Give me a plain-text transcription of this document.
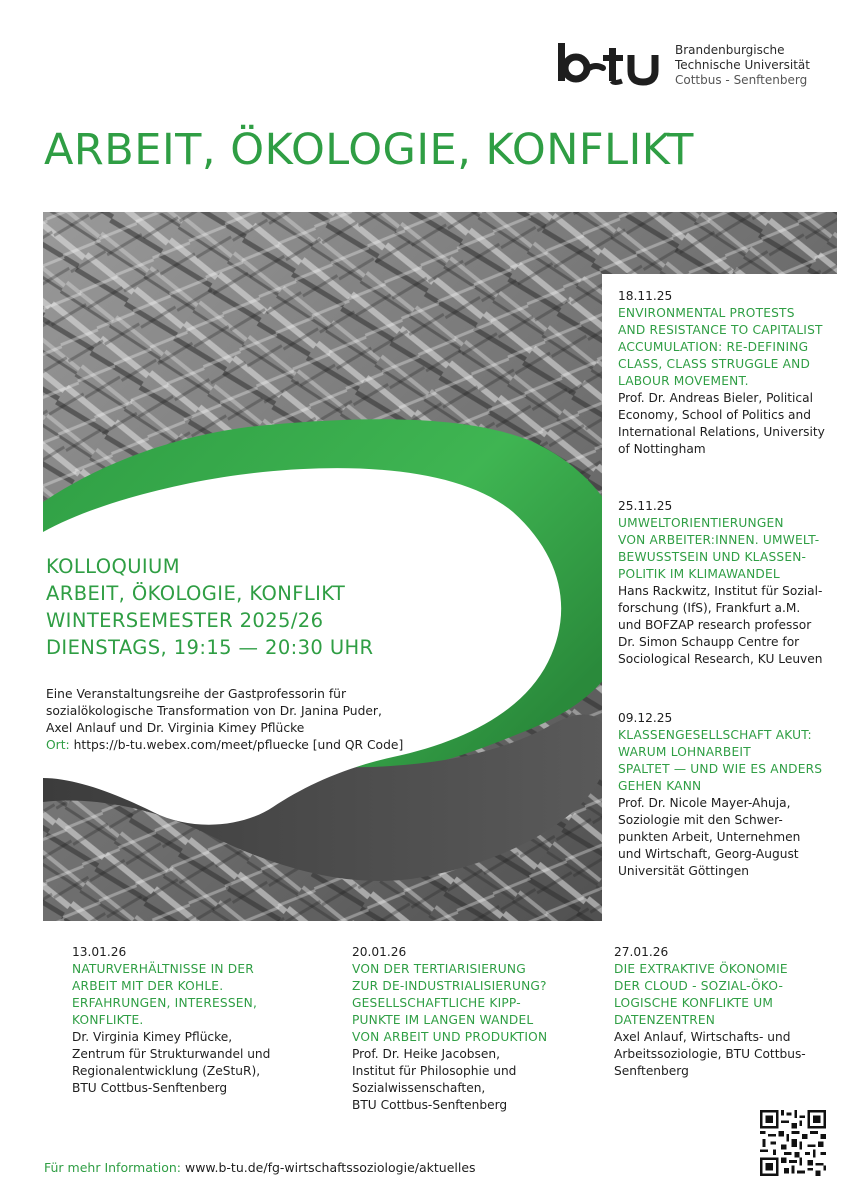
Brandenburgische
Technische Universität
Cottbus - Senftenberg
ARBEIT, ÖKOLOGIE, KONFLIKT
18.11.25
ENVIRONMENTAL PROTESTS
AND RESISTANCE TO CAPITALIST
ACCUMULATION: RE-DEFINING
CLASS, CLASS STRUGGLE AND
LABOUR MOVEMENT.
Prof. Dr. Andreas Bieler, Political
Economy, School of Politics and
International Relations, University
of Nottingham
25.11.25
UMWELTORIENTIERUNGEN
VON ARBEITER:INNEN. UMWELT-
BEWUSSTSEIN UND KLASSEN-
POLITIK IM KLIMAWANDEL
Hans Rackwitz, Institut für Sozial-
forschung (IfS), Frankfurt a.M.
und BOFZAP research professor
Dr. Simon Schaupp Centre for
Sociological Research, KU Leuven
09.12.25
KLASSENGESELLSCHAFT AKUT:
WARUM LOHNARBEIT
SPALTET — UND WIE ES ANDERS
GEHEN KANN
Prof. Dr. Nicole Mayer-Ahuja,
Soziologie mit den Schwer-
punkten Arbeit, Unternehmen
und Wirtschaft, Georg-August
Universität Göttingen
KOLLOQUIUM
ARBEIT, ÖKOLOGIE, KONFLIKT
WINTERSEMESTER 2025/26
DIENSTAGS, 19:15 — 20:30 UHR
Eine Veranstaltungsreihe der Gastprofessorin für
sozialökologische Transformation von Dr. Janina Puder,
Axel Anlauf und Dr. Virginia Kimey Pflücke
Ort: https://b-tu.webex.com/meet/pfluecke [und QR Code]
13.01.26
NATURVERHÄLTNISSE IN DER
ARBEIT MIT DER KOHLE.
ERFAHRUNGEN, INTERESSEN,
KONFLIKTE.
Dr. Virginia Kimey Pflücke,
Zentrum für Strukturwandel und
Regionalentwicklung (ZeStuR),
BTU Cottbus-Senftenberg
20.01.26
VON DER TERTIARISIERUNG
ZUR DE-INDUSTRIALISIERUNG?
GESELLSCHAFTLICHE KIPP-
PUNKTE IM LANGEN WANDEL
VON ARBEIT UND PRODUKTION
Prof. Dr. Heike Jacobsen,
Institut für Philosophie und
Sozialwissenschaften,
BTU Cottbus-Senftenberg
27.01.26
DIE EXTRAKTIVE ÖKONOMIE
DER CLOUD - SOZIAL-ÖKO-
LOGISCHE KONFLIKTE UM
DATENZENTREN
Axel Anlauf, Wirtschafts- und
Arbeitssoziologie, BTU Cottbus-
Senftenberg
Für mehr Information: www.b-tu.de/fg-wirtschaftssoziologie/aktuelles
